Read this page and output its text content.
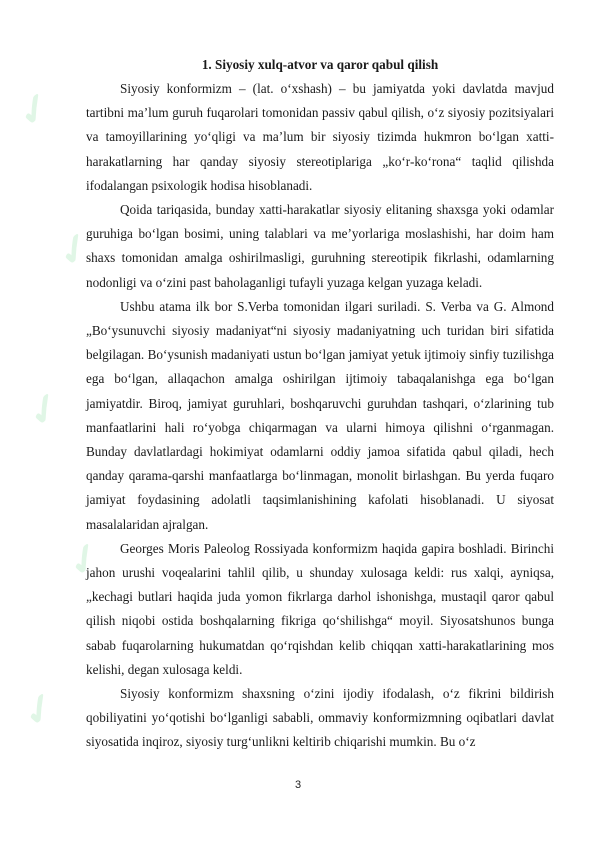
✓
✓
✓
✓
✓
1. Siyosiy xulq-atvor va qaror qabul qilish

Siyosiy konformizm – (lat. o‘xshash) – bu jamiyatda yoki davlatda mavjud tartibni ma’lum guruh fuqarolari tomonidan passiv qabul qilish, o‘z siyosiy pozitsiyalari va tamoyillarining yo‘qligi va ma’lum bir siyosiy tizimda hukmron bo‘lgan xatti-harakatlarning har qanday siyosiy stereotiplariga „ko‘r-ko‘rona“ taqlid qilishda ifodalangan psixologik hodisa hisoblanadi.

Qoida tariqasida, bunday xatti-harakatlar siyosiy elitaning shaxsga yoki odamlar guruhiga bo‘lgan bosimi, uning talablari va me’yorlariga moslashishi, har doim ham shaxs tomonidan amalga oshirilmasligi, guruhning stereotipik fikrlashi, odamlarning nodonligi va o‘zini past baholaganligi tufayli yuzaga kelgan yuzaga keladi.

Ushbu atama ilk bor S.Verba tomonidan ilgari suriladi. S. Verba va G. Almond „Bo‘ysunuvchi siyosiy madaniyat“ni siyosiy madaniyatning uch turidan biri sifatida belgilagan. Bo‘ysunish madaniyati ustun bo‘lgan jamiyat yetuk ijtimoiy sinfiy tuzilishga ega bo‘lgan, allaqachon amalga oshirilgan ijtimoiy tabaqalanishga ega bo‘lgan jamiyatdir. Biroq, jamiyat guruhlari, boshqaruvchi guruhdan tashqari, o‘zlarining tub manfaatlarini hali ro‘yobga chiqarmagan va ularni himoya qilishni o‘rganmagan. Bunday davlatlardagi hokimiyat odamlarni oddiy jamoa sifatida qabul qiladi, hech qanday qarama-qarshi manfaatlarga bo‘linmagan, monolit birlashgan. Bu yerda fuqaro jamiyat foydasining adolatli taqsimlanishining kafolati hisoblanadi. U siyosat masalalaridan ajralgan.

Georges Moris Paleolog Rossiyada konformizm haqida gapira boshladi. Birinchi jahon urushi voqealarini tahlil qilib, u shunday xulosaga keldi: rus xalqi, ayniqsa, „kechagi butlari haqida juda yomon fikrlarga darhol ishonishga, mustaqil qaror qabul qilish niqobi ostida boshqalarning fikriga qo‘shilishga“ moyil. Siyosatshunos bunga sabab fuqarolarning hukumatdan qo‘rqishdan kelib chiqqan xatti-harakatlarining mos kelishi, degan xulosaga keldi.

Siyosiy konformizm shaxsning o‘zini ijodiy ifodalash, o‘z fikrini bildirish qobiliyatini yo‘qotishi bo‘lganligi sababli, ommaviy konformizmning oqibatlari davlat siyosatida inqiroz, siyosiy turg‘unlikni keltirib chiqarishi mumkin. Bu o‘z

3
